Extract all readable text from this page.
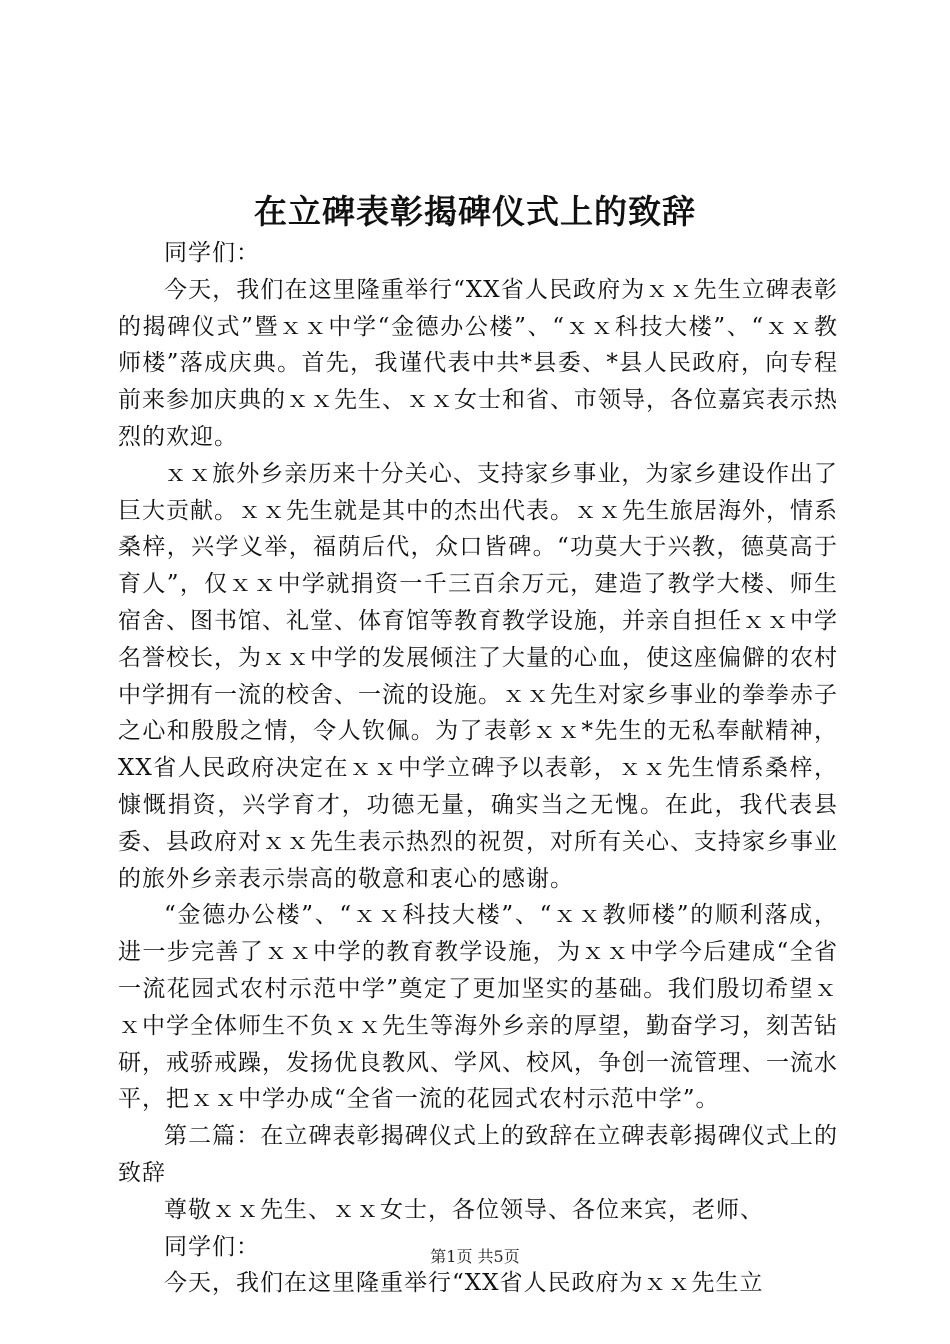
在立碑表彰揭碑仪式上的致辞

同学们：

今天，我们在这里隆重举行“XX省人民政府为ｘｘ先生立碑表彰的揭碑仪式”暨ｘｘ中学“金德办公楼”、“ｘｘ科技大楼”、“ｘｘ教师楼”落成庆典。首先，我谨代表中共*县委、*县人民政府，向专程前来参加庆典的ｘｘ先生、ｘｘ女士和省、市领导，各位嘉宾表示热烈的欢迎。

ｘｘ旅外乡亲历来十分关心、支持家乡事业，为家乡建设作出了巨大贡献。ｘｘ先生就是其中的杰出代表。ｘｘ先生旅居海外，情系桑梓，兴学义举，福荫后代，众口皆碑。“功莫大于兴教，德莫高于育人”，仅ｘｘ中学就捐资一千三百余万元，建造了教学大楼、师生宿舍、图书馆、礼堂、体育馆等教育教学设施，并亲自担任ｘｘ中学名誉校长，为ｘｘ中学的发展倾注了大量的心血，使这座偏僻的农村中学拥有一流的校舍、一流的设施。ｘｘ先生对家乡事业的拳拳赤子之心和殷殷之情，令人钦佩。为了表彰ｘｘ*先生的无私奉献精神，XX省人民政府决定在ｘｘ中学立碑予以表彰，ｘｘ先生情系桑梓，慷慨捐资，兴学育才，功德无量，确实当之无愧。在此，我代表县委、县政府对ｘｘ先生表示热烈的祝贺，对所有关心、支持家乡事业的旅外乡亲表示崇高的敬意和衷心的感谢。

“金德办公楼”、“ｘｘ科技大楼”、“ｘｘ教师楼”的顺利落成，进一步完善了ｘｘ中学的教育教学设施，为ｘｘ中学今后建成“全省一流花园式农村示范中学”奠定了更加坚实的基础。我们殷切希望ｘｘ中学全体师生不负ｘｘ先生等海外乡亲的厚望，勤奋学习，刻苦钻研，戒骄戒躁，发扬优良教风、学风、校风，争创一流管理、一流水平，把ｘｘ中学办成“全省一流的花园式农村示范中学”。

第二篇：在立碑表彰揭碑仪式上的致辞在立碑表彰揭碑仪式上的致辞

尊敬ｘｘ先生、ｘｘ女士，各位领导、各位来宾，老师、

同学们：

今天，我们在这里隆重举行“XX省人民政府为ｘｘ先生立

第1页 共5页
